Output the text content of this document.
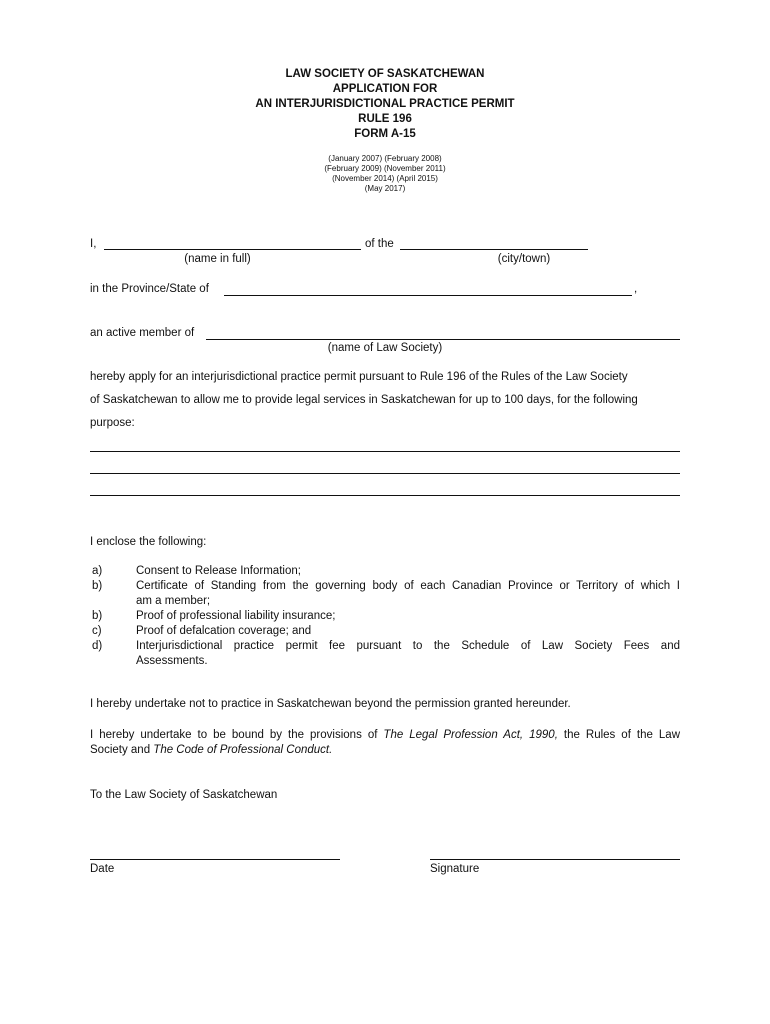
LAW SOCIETY OF SASKATCHEWAN
APPLICATION FOR
AN INTERJURISDICTIONAL PRACTICE PERMIT
RULE 196
FORM A-15
(January 2007) (February 2008)
(February 2009) (November 2011)
(November 2014) (April 2015)
(May 2017)
I,	of the
(name in full)	(city/town)
in the Province/State of	,
an active member of
(name of Law Society)
hereby apply for an interjurisdictional practice permit pursuant to Rule 196 of the Rules of the Law Society
of Saskatchewan to allow me to provide legal services in Saskatchewan for up to 100 days, for the following
purpose:
I enclose the following:
a)	Consent to Release Information;
b)	Certificate of Standing from the governing body of each Canadian Province or Territory of which I
am a member;
b)	Proof of professional liability insurance;
c)	Proof of defalcation coverage; and
d)	Interjurisdictional practice permit fee pursuant to the Schedule of Law Society Fees and
Assessments.
I hereby undertake not to practice in Saskatchewan beyond the permission granted hereunder.
I hereby undertake to be bound by the provisions of The Legal Profession Act, 1990, the Rules of the Law
Society and The Code of Professional Conduct.
To the Law Society of Saskatchewan
Date	Signature
